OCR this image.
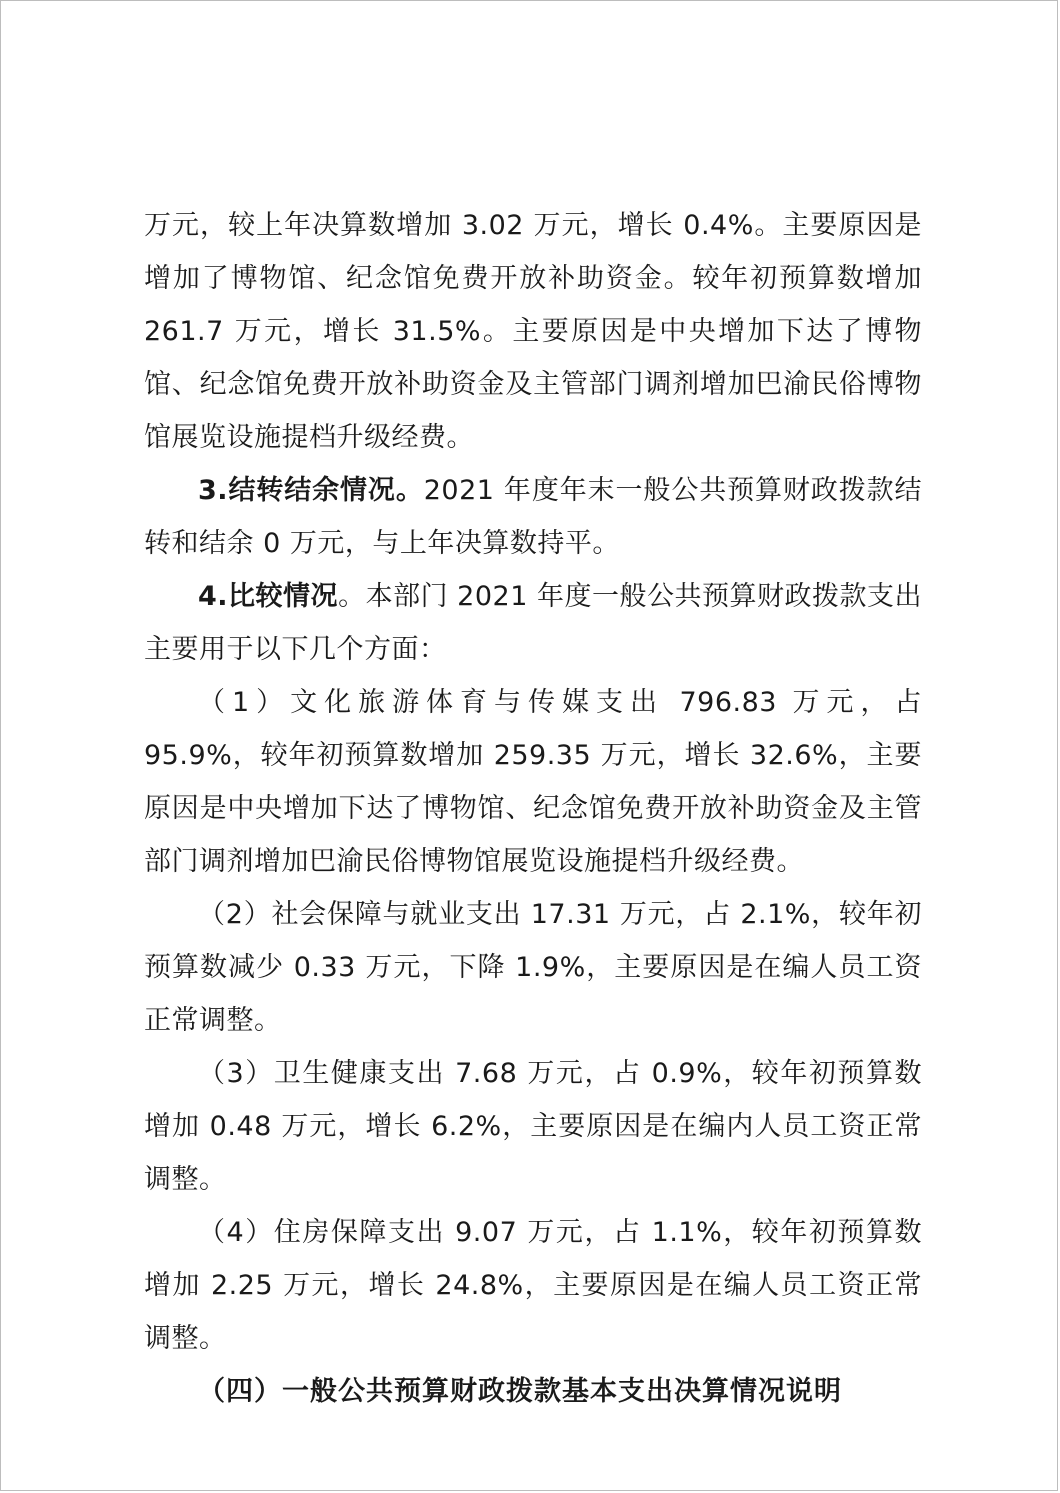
万元，较上年决算数增加 3.02 万元，增长 0.4%。主要原因是增加了博物馆、纪念馆免费开放补助资金。较年初预算数增加 261.7 万元，增长 31.5%。主要原因是中央增加下达了博物馆、纪念馆免费开放补助资金及主管部门调剂增加巴渝民俗博物馆展览设施提档升级经费。

3.结转结余情况。2021 年度年末一般公共预算财政拨款结转和结余 0 万元，与上年决算数持平。

4.比较情况。本部门 2021 年度一般公共预算财政拨款支出主要用于以下几个方面：

（1）文化旅游体育与传媒支出 796.83 万元，占 95.9%，较年初预算数增加 259.35 万元，增长 32.6%，主要原因是中央增加下达了博物馆、纪念馆免费开放补助资金及主管部门调剂增加巴渝民俗博物馆展览设施提档升级经费。

（2）社会保障与就业支出 17.31 万元，占 2.1%，较年初预算数减少 0.33 万元，下降 1.9%，主要原因是在编人员工资正常调整。

（3）卫生健康支出 7.68 万元，占 0.9%，较年初预算数增加 0.48 万元，增长 6.2%，主要原因是在编内人员工资正常调整。

（4）住房保障支出 9.07 万元，占 1.1%，较年初预算数增加 2.25 万元，增长 24.8%，主要原因是在编人员工资正常调整。

（四）一般公共预算财政拨款基本支出决算情况说明
